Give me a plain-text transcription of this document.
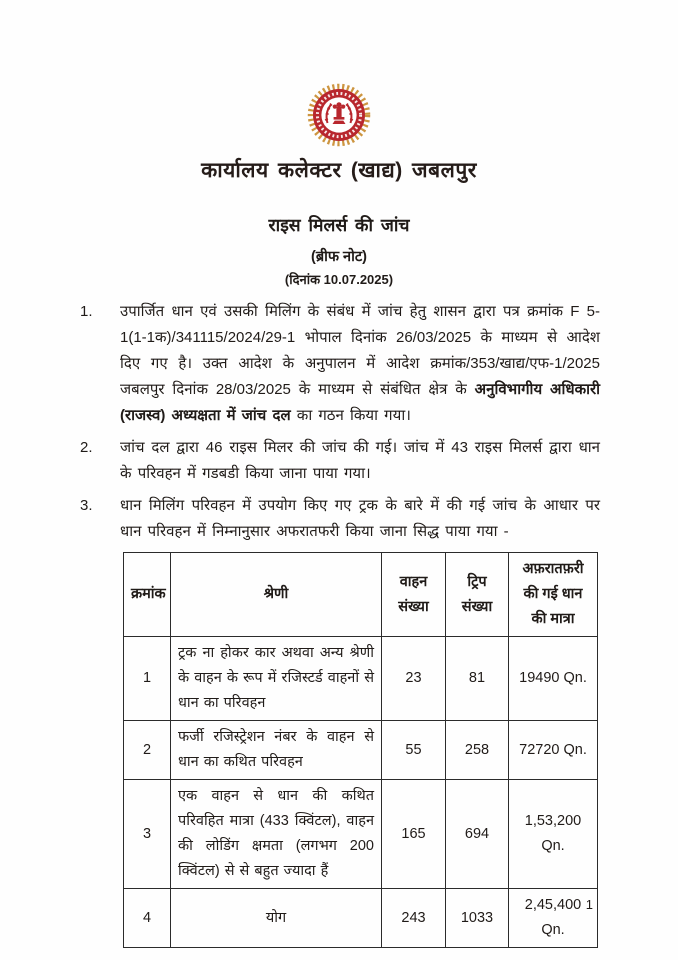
कार्यालय कलेक्टर (खाद्य) जबलपुर
राइस मिलर्स की जांच
(ब्रीफ नोट)
(दिनांक 10.07.2025)
1.	उपार्जित धान एवं उसकी मिलिंग के संबंध में जांच हेतु शासन द्वारा पत्र क्रमांक F 5-1(1-1क)/341115/2024/29-1 भोपाल दिनांक 26/03/2025 के माध्यम से आदेश दिए गए है। उक्त आदेश के अनुपालन में आदेश क्रमांक/353/खाद्य/एफ-1/2025 जबलपुर दिनांक 28/03/2025 के माध्यम से संबंधित क्षेत्र के अनुविभागीय अधिकारी (राजस्व) अध्यक्षता में जांच दल का गठन किया गया।
2.	जांच दल द्वारा 46 राइस मिलर की जांच की गई। जांच में 43 राइस मिलर्स द्वारा धान के परिवहन में गडबडी किया जाना पाया गया।
3.	धान मिलिंग परिवहन में उपयोग किए गए ट्रक के बारे में की गई जांच के आधार पर धान परिवहन में निम्नानुसार अफरातफरी किया जाना सिद्ध पाया गया -
क्रमांक	श्रेणी	वाहन संख्या	ट्रिप संख्या	अफ़रातफ़री की गई धान की मात्रा
1	ट्रक ना होकर कार अथवा अन्य श्रेणी के वाहन के रूप में रजिस्टर्ड वाहनों से धान का परिवहन	23	81	19490 Qn.
2	फर्जी रजिस्ट्रेशन नंबर के वाहन से धान का कथित परिवहन	55	258	72720 Qn.
3	एक वाहन से धान की कथित परिवहित मात्रा (433 क्विंटल), वाहन की लोडिंग क्षमता (लगभग 200 क्विंटल) से से बहुत ज्यादा हैं	165	694	1,53,200 Qn.
4	योग	243	1033	2,45,400 Qn.
1
